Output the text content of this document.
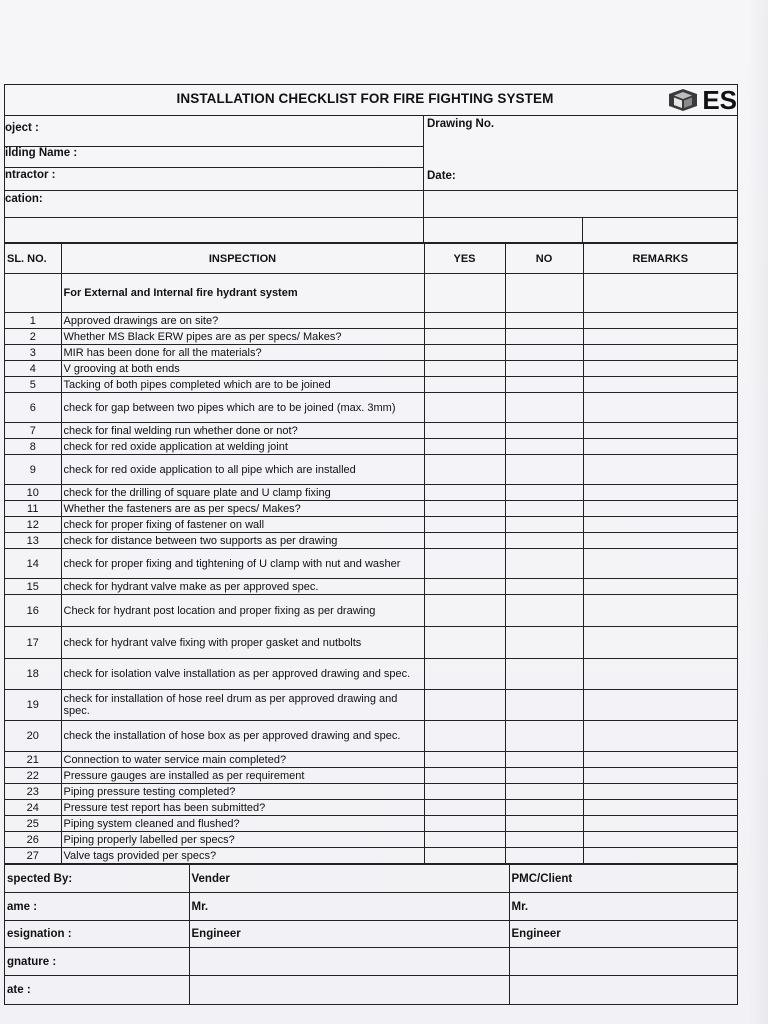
INSTALLATION CHECKLIST FOR FIRE FIGHTING SYSTEM	ES
oject :
ilding Name :
ntractor :
cation:
Drawing No.
Date:
SL. NO.	INSPECTION	YES	NO	REMARKS
	For External and Internal fire hydrant system			
1	Approved drawings are on site?			
2	Whether MS Black ERW pipes are as per specs/ Makes?			
3	MIR has been done for all the materials?			
4	V grooving at both ends			
5	Tacking of both pipes completed which are to be joined			
6	check for gap between two pipes which are to be joined (max. 3mm)			
7	check for final welding run whether done or not?			
8	check for red oxide application at welding joint			
9	check for red oxide application to all pipe which are installed			
10	check for the drilling of square plate and U clamp fixing			
11	Whether the fasteners are as per specs/ Makes?			
12	check for proper fixing of fastener on wall			
13	check for distance between two supports as per drawing			
14	check for proper fixing and tightening of U clamp with nut and washer			
15	check for hydrant valve make as per approved spec.			
16	Check for hydrant post location and proper fixing as per drawing			
17	check for hydrant valve fixing with proper gasket and nutbolts			
18	check for isolation valve installation as per approved drawing and spec.			
19	check for installation of hose reel drum as per approved drawing and spec.			
20	check the installation of hose box as per approved drawing and spec.			
21	Connection to water service main completed?			
22	Pressure gauges are installed as per requirement			
23	Piping pressure testing completed?			
24	Pressure test report has been submitted?			
25	Piping system cleaned and flushed?			
26	Piping properly labelled per specs?			
27	Valve tags provided per specs?			
spected By:	Vender	PMC/Client
ame :	Mr.	Mr.
esignation :	Engineer	Engineer
gnature :		
ate :		
